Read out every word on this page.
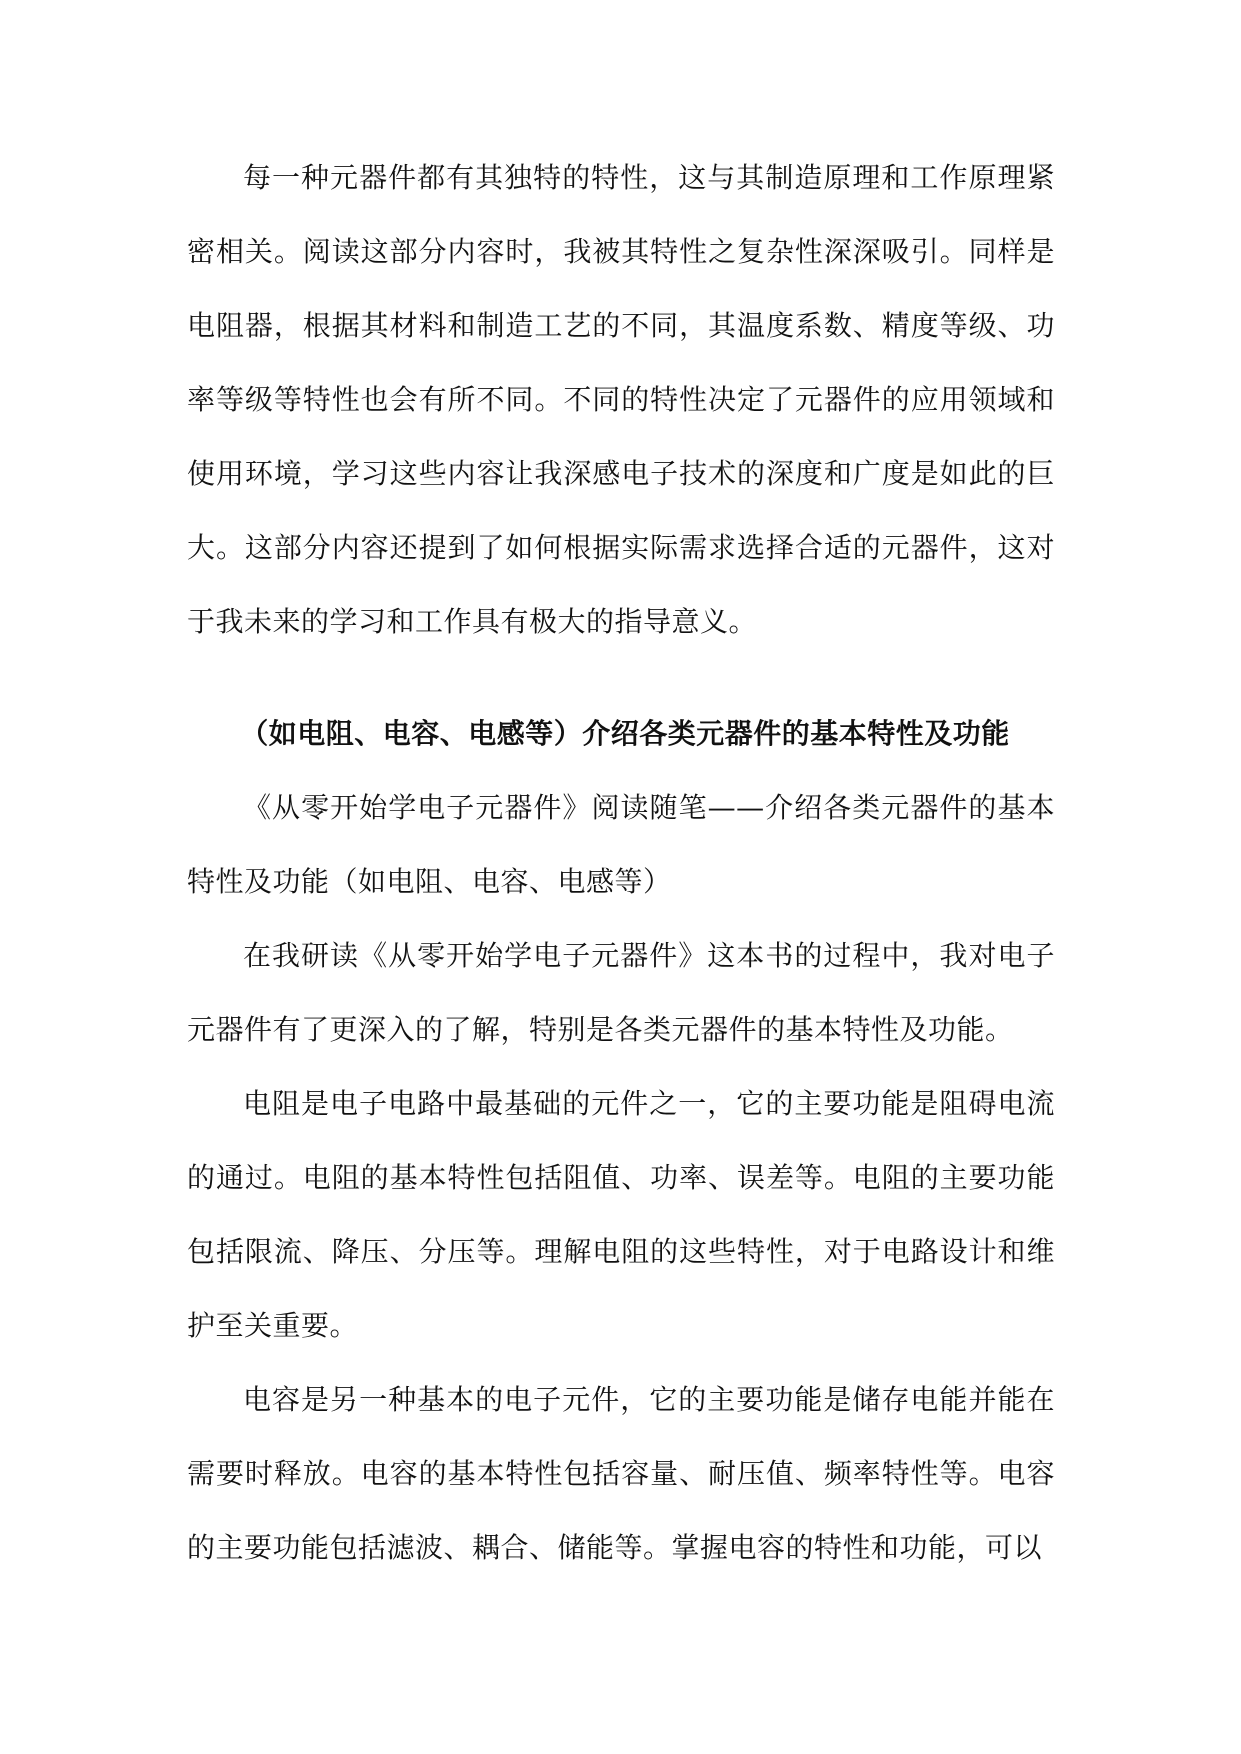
每一种元器件都有其独特的特性，这与其制造原理和工作原理紧密相关。阅读这部分内容时，我被其特性之复杂性深深吸引。同样是电阻器，根据其材料和制造工艺的不同，其温度系数、精度等级、功率等级等特性也会有所不同。不同的特性决定了元器件的应用领域和使用环境，学习这些内容让我深感电子技术的深度和广度是如此的巨大。这部分内容还提到了如何根据实际需求选择合适的元器件，这对于我未来的学习和工作具有极大的指导意义。

（如电阻、电容、电感等）介绍各类元器件的基本特性及功能

《从零开始学电子元器件》阅读随笔——介绍各类元器件的基本特性及功能（如电阻、电容、电感等）

在我研读《从零开始学电子元器件》这本书的过程中，我对电子元器件有了更深入的了解，特别是各类元器件的基本特性及功能。

电阻是电子电路中最基础的元件之一，它的主要功能是阻碍电流的通过。电阻的基本特性包括阻值、功率、误差等。电阻的主要功能包括限流、降压、分压等。理解电阻的这些特性，对于电路设计和维护至关重要。

电容是另一种基本的电子元件，它的主要功能是储存电能并能在需要时释放。电容的基本特性包括容量、耐压值、频率特性等。电容的主要功能包括滤波、耦合、储能等。掌握电容的特性和功能，可以
